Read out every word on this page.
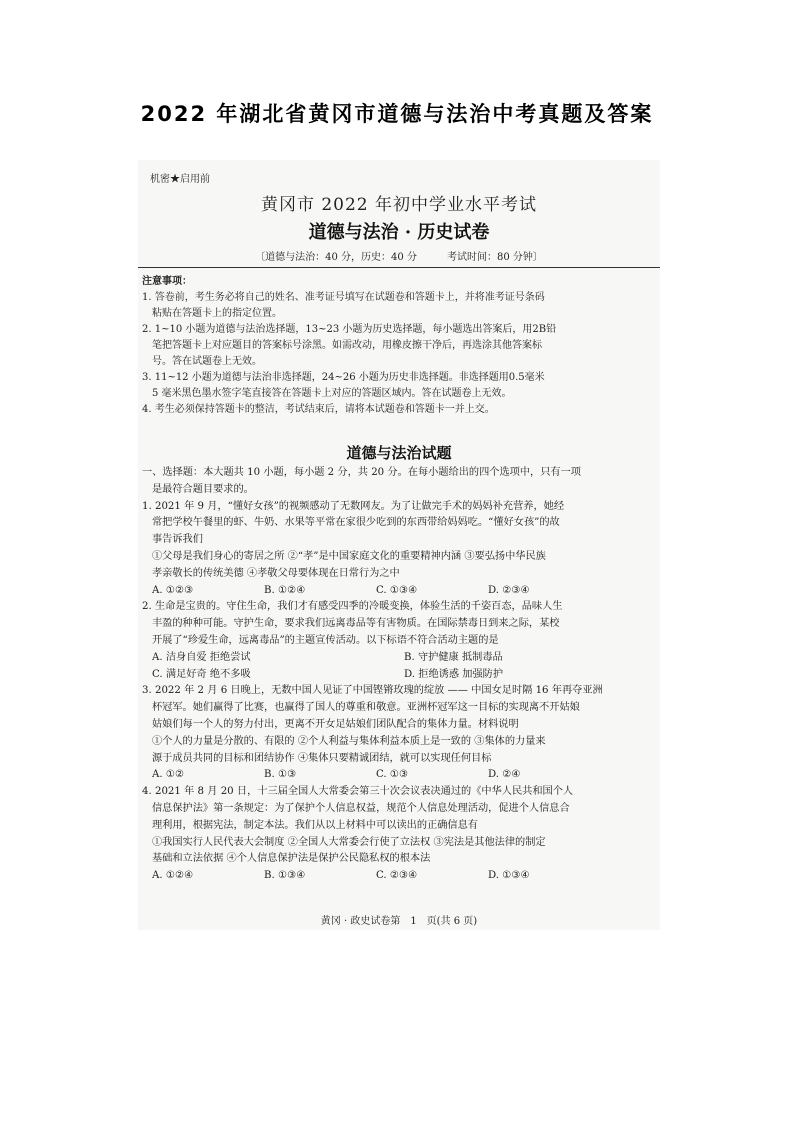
2022 年湖北省黄冈市道德与法治中考真题及答案
机密★启用前
黄冈市 2022 年初中学业水平考试
道德与法治 · 历史试卷
〔道德与法治：40 分，历史：40 分	考试时间：80 分钟〕
注意事项：
1. 答卷前，考生务必将自己的姓名、准考证号填写在试题卷和答题卡上，并将准考证号条码
粘贴在答题卡上的指定位置。
2. 1~10 小题为道德与法治选择题，13~23 小题为历史选择题，每小题选出答案后，用2B铅
笔把答题卡上对应题目的答案标号涂黑。如需改动，用橡皮擦干净后，再选涂其他答案标
号。答在试题卷上无效。
3. 11~12 小题为道德与法治非选择题，24~26 小题为历史非选择题。非选择题用0.5毫米
5 毫米黑色墨水签字笔直接答在答题卡上对应的答题区域内。答在试题卷上无效。
4. 考生必须保持答题卡的整洁，考试结束后，请将本试题卷和答题卡一并上交。
道德与法治试题
一、选择题：本大题共 10 小题，每小题 2 分，共 20 分。在每小题给出的四个选项中，只有一项
是最符合题目要求的。
1. 2021 年 9 月，“懂好女孩”的视频感动了无数网友。为了让做完手术的妈妈补充营养，她经
常把学校午餐里的虾、牛奶、水果等平常在家很少吃到的东西带给妈妈吃。“懂好女孩”的故
事告诉我们
①父母是我们身心的寄居之所 ②“孝”是中国家庭文化的重要精神内涵 ③要弘扬中华民族
孝亲敬长的传统美德 ④孝敬父母要体现在日常行为之中
A. ①②③	B. ①②④	C. ①③④	D. ②③④
2. 生命是宝贵的。守住生命，我们才有感受四季的冷暖变换，体验生活的千姿百态，品味人生
丰盈的种种可能。守护生命，要求我们远离毒品等有害物质。在国际禁毒日到来之际，某校
开展了“珍爱生命，远离毒品”的主题宣传活动。以下标语不符合活动主题的是
A. 洁身自爱 拒绝尝试	B. 守护健康 抵制毒品
C. 满足好奇 绝不多吸	D. 拒绝诱惑 加强防护
3. 2022 年 2 月 6 日晚上，无数中国人见证了中国铿锵玫瑰的绽放 —— 中国女足时隔 16 年再夺亚洲
杯冠军。她们赢得了比赛，也赢得了国人的尊重和敬意。亚洲杯冠军这一目标的实现离不开姑娘
姑娘们每一个人的努力付出，更离不开女足姑娘们团队配合的集体力量。材料说明
①个人的力量是分散的、有限的 ②个人利益与集体利益本质上是一致的 ③集体的力量来
源于成员共同的目标和团结协作 ④集体只要精诚团结，就可以实现任何目标
A. ①②	B. ①③	C. ①③	D. ②④
4. 2021 年 8 月 20 日，十三届全国人大常委会第三十次会议表决通过的《中华人民共和国个人
信息保护法》第一条规定：为了保护个人信息权益，规范个人信息处理活动，促进个人信息合
理利用，根据宪法，制定本法。我们从以上材料中可以读出的正确信息有
①我国实行人民代表大会制度 ②全国人大常委会行使了立法权 ③宪法是其他法律的制定
基础和立法依据 ④个人信息保护法是保护公民隐私权的根本法
A. ①②④	B. ①③④	C. ②③④	D. ①③④
黄冈 · 政史试卷第　1　页(共 6 页)
